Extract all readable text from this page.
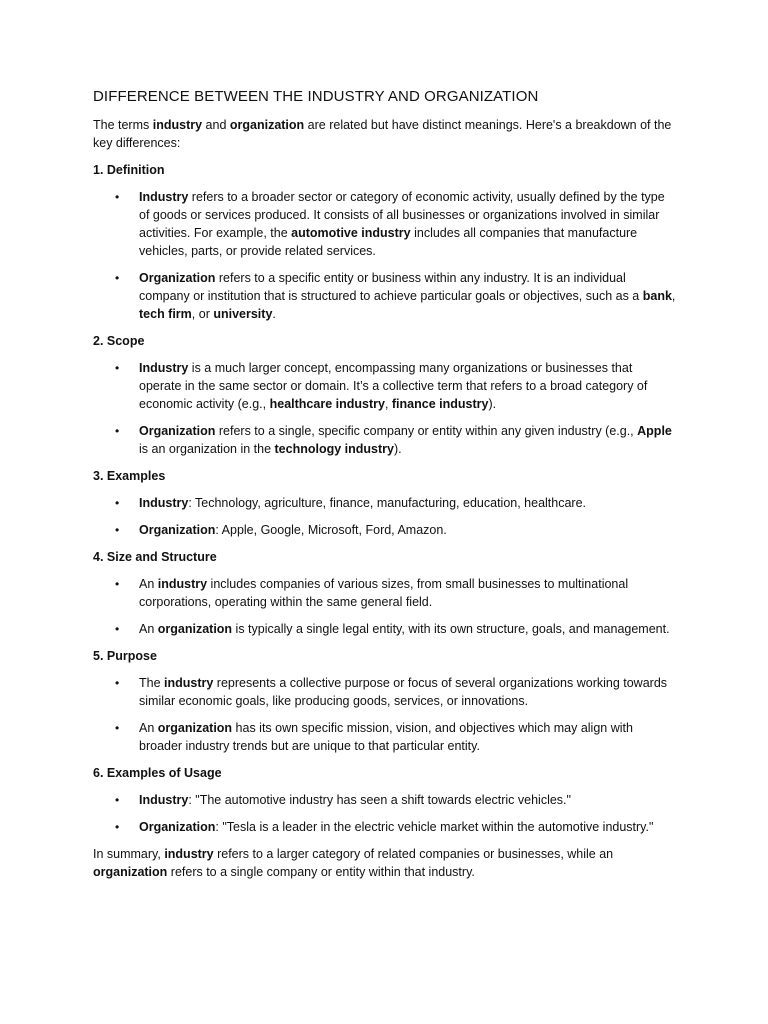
DIFFERENCE BETWEEN THE INDUSTRY AND ORGANIZATION

The terms industry and organization are related but have distinct meanings. Here's a breakdown of the key differences:

1. Definition
• Industry refers to a broader sector or category of economic activity, usually defined by the type of goods or services produced. It consists of all businesses or organizations involved in similar activities. For example, the automotive industry includes all companies that manufacture vehicles, parts, or provide related services.
• Organization refers to a specific entity or business within any industry. It is an individual company or institution that is structured to achieve particular goals or objectives, such as a bank, tech firm, or university.
2. Scope
• Industry is a much larger concept, encompassing many organizations or businesses that operate in the same sector or domain. It’s a collective term that refers to a broad category of economic activity (e.g., healthcare industry, finance industry).
• Organization refers to a single, specific company or entity within any given industry (e.g., Apple is an organization in the technology industry).
3. Examples
• Industry: Technology, agriculture, finance, manufacturing, education, healthcare.
• Organization: Apple, Google, Microsoft, Ford, Amazon.
4. Size and Structure
• An industry includes companies of various sizes, from small businesses to multinational corporations, operating within the same general field.
• An organization is typically a single legal entity, with its own structure, goals, and management.
5. Purpose
• The industry represents a collective purpose or focus of several organizations working towards similar economic goals, like producing goods, services, or innovations.
• An organization has its own specific mission, vision, and objectives which may align with broader industry trends but are unique to that particular entity.
6. Examples of Usage
• Industry: "The automotive industry has seen a shift towards electric vehicles."
• Organization: "Tesla is a leader in the electric vehicle market within the automotive industry."

In summary, industry refers to a larger category of related companies or businesses, while an organization refers to a single company or entity within that industry.
